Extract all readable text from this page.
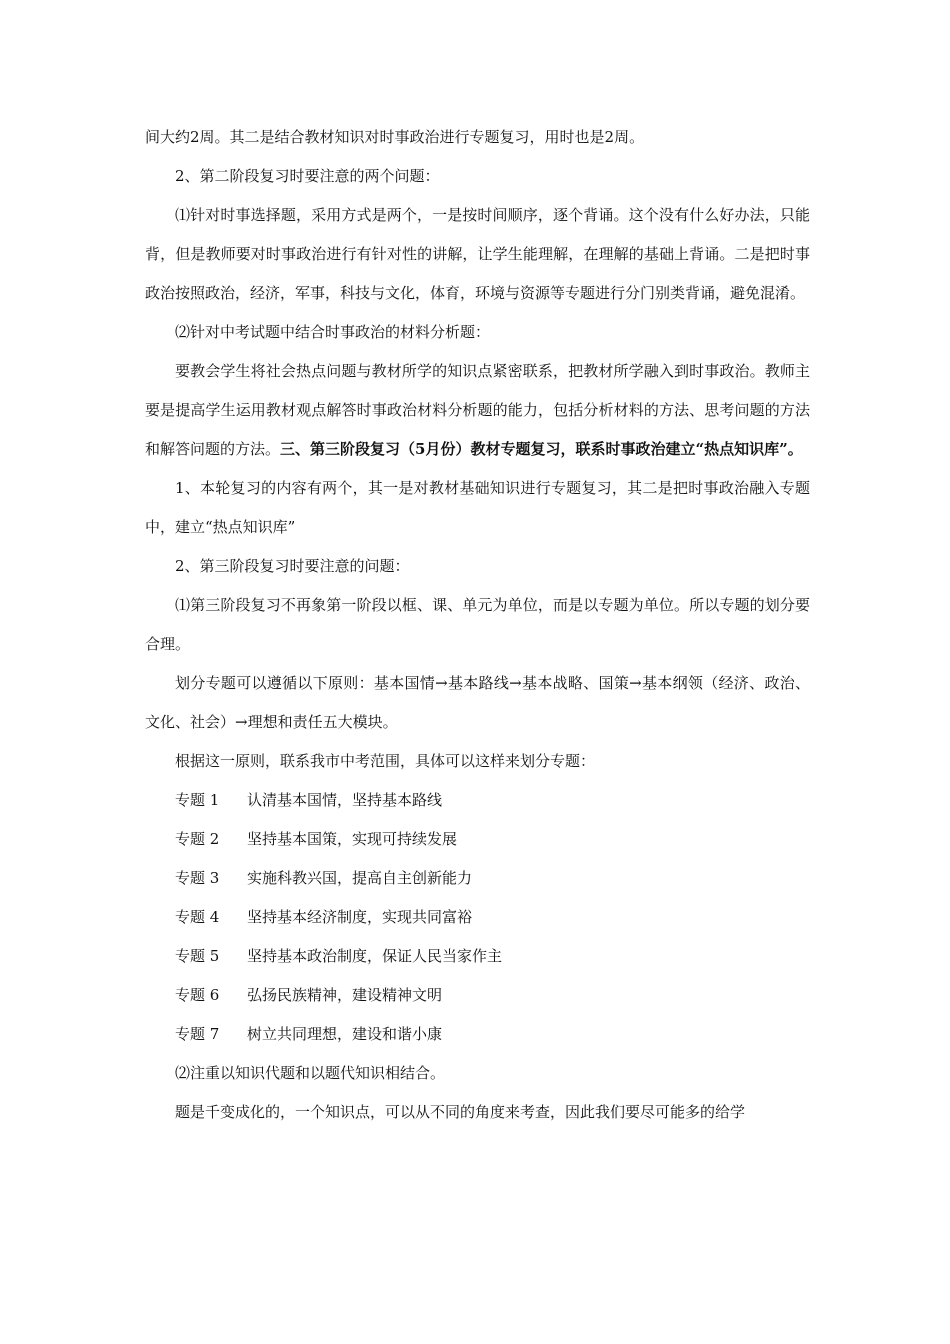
间大约2周。其二是结合教材知识对时事政治进行专题复习，用时也是2周。

2、第二阶段复习时要注意的两个问题：

⑴针对时事选择题，采用方式是两个，一是按时间顺序，逐个背诵。这个没有什么好办法，只能背，但是教师要对时事政治进行有针对性的讲解，让学生能理解，在理解的基础上背诵。二是把时事政治按照政治，经济，军事，科技与文化，体育，环境与资源等专题进行分门别类背诵，避免混淆。

⑵针对中考试题中结合时事政治的材料分析题：

要教会学生将社会热点问题与教材所学的知识点紧密联系，把教材所学融入到时事政治。教师主要是提高学生运用教材观点解答时事政治材料分析题的能力，包括分析材料的方法、思考问题的方法和解答问题的方法。三、第三阶段复习（5月份）教材专题复习，联系时事政治建立“热点知识库”。

1、本轮复习的内容有两个，其一是对教材基础知识进行专题复习，其二是把时事政治融入专题中，建立“热点知识库”

2、第三阶段复习时要注意的问题：

⑴第三阶段复习不再象第一阶段以框、课、单元为单位，而是以专题为单位。所以专题的划分要合理。

划分专题可以遵循以下原则：基本国情→基本路线→基本战略、国策→基本纲领（经济、政治、文化、社会）→理想和责任五大模块。

根据这一原则，联系我市中考范围，具体可以这样来划分专题：

专题 1	认清基本国情，坚持基本路线
专题 2	坚持基本国策，实现可持续发展
专题 3	实施科教兴国，提高自主创新能力
专题 4	坚持基本经济制度，实现共同富裕
专题 5	坚持基本政治制度，保证人民当家作主
专题 6	弘扬民族精神，建设精神文明
专题 7	树立共同理想，建设和谐小康

⑵注重以知识代题和以题代知识相结合。

题是千变成化的，一个知识点，可以从不同的角度来考查，因此我们要尽可能多的给学
